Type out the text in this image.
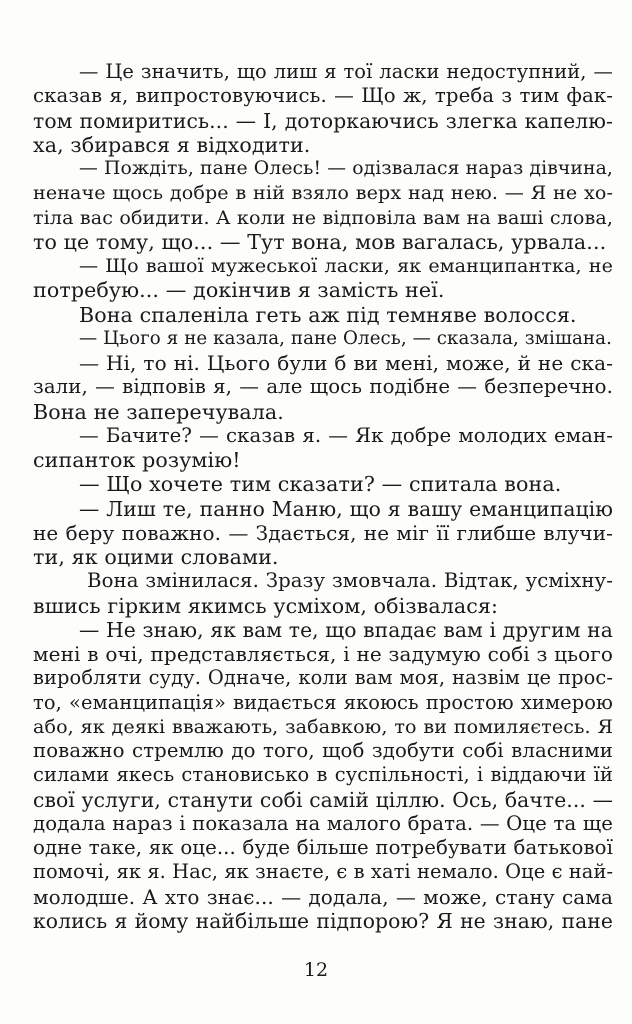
— Це значить, що лиш я тої ласки недоступний, —
сказав я, випростовуючись. — Що ж, треба з тим фак-
том помиритись... — І, доторкаючись злегка капелю-
ха, збирався я відходити.
— Пождіть, пане Олесь! — одізвалася нараз дівчина,
неначе щось добре в ній взяло верх над нею. — Я не хо-
тіла вас обидити. А коли не відповіла вам на ваші слова,
то це тому, що... — Тут вона, мов вагалась, урвала...
— Що вашої мужеської ласки, як еманципантка, не
потребую... — докінчив я замість неї.
Вона спаленіла геть аж під темняве волосся.
— Цього я не казала, пане Олесь, — сказала, змішана.
— Ні, то ні. Цього були б ви мені, може, й не ска-
зали, — відповів я, — але щось подібне — безперечно.
Вона не заперечувала.
— Бачите? — сказав я. — Як добре молодих еман-
сипанток розумію!
— Що хочете тим сказати? — спитала вона.
— Лиш те, панно Маню, що я вашу еманципацію
не беру поважно. — Здається, не міг її глибше влучи-
ти, як оцими словами.
Вона змінилася. Зразу змовчала. Відтак, усміхну-
вшись гірким якимсь усміхом, обізвалася:
— Не знаю, як вам те, що впадає вам і другим на
мені в очі, представляється, і не задумую собі з цього
виробляти суду. Одначе, коли вам моя, назвім це прос-
то, «еманципація» видається якоюсь простою химерою
або, як деякі вважають, забавкою, то ви помиляєтесь. Я
поважно стремлю до того, щоб здобути собі власними
силами якесь становисько в суспільності, і віддаючи їй
свої услуги, станути собі самій ціллю. Ось, бачте... —
додала нараз і показала на малого брата. — Оце та ще
одне таке, як оце... буде більше потребувати батькової
помочі, як я. Нас, як знаєте, є в хаті немало. Оце є най-
молодше. А хто знає... — додала, — може, стану сама
колись я йому найбільше підпорою? Я не знаю, пане
12
